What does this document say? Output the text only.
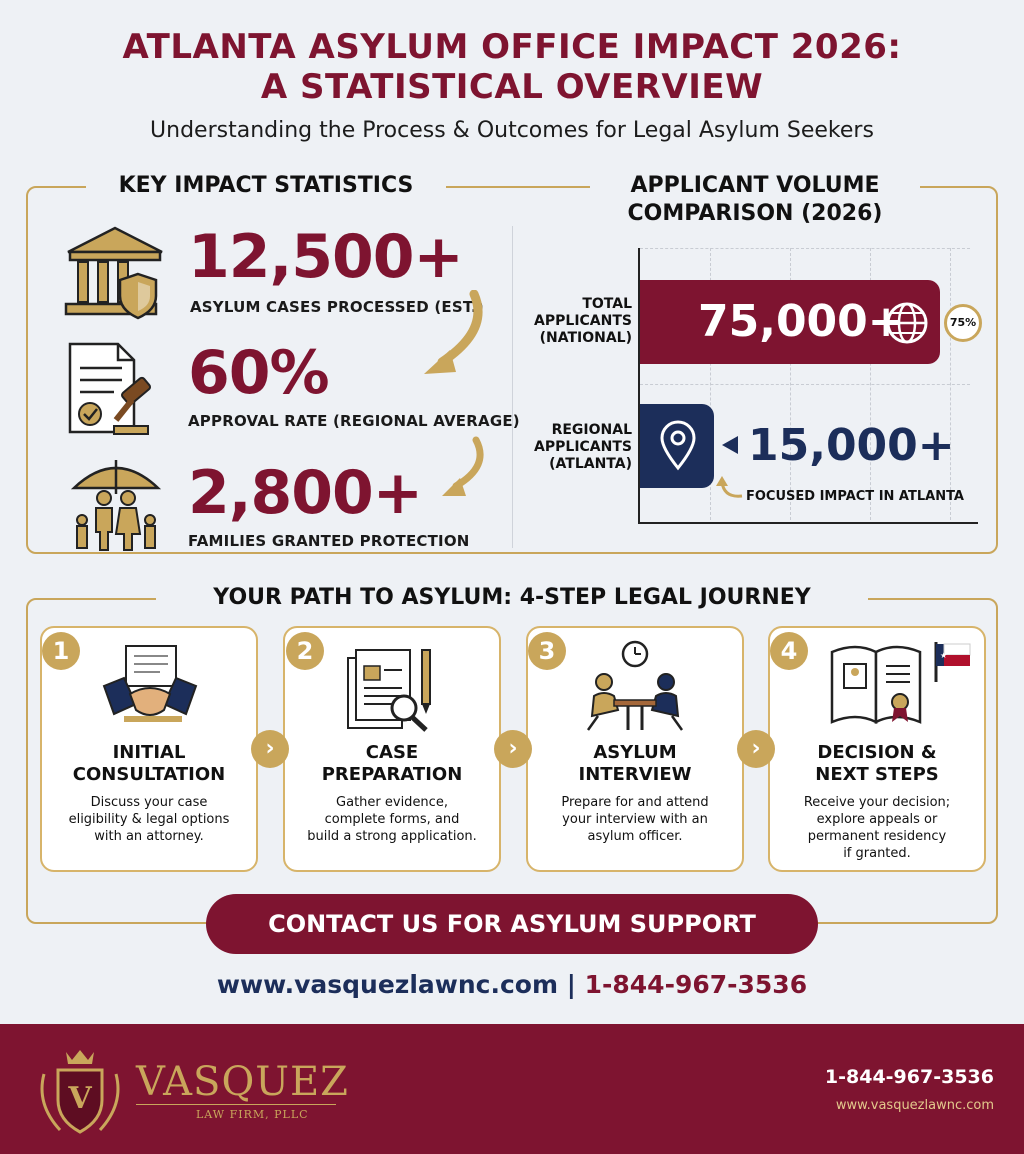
ATLANTA ASYLUM OFFICE IMPACT 2026:
A STATISTICAL OVERVIEW
Understanding the Process & Outcomes for Legal Asylum Seekers
KEY IMPACT STATISTICS
12,500+
ASYLUM CASES PROCESSED (EST.)
60%
APPROVAL RATE (REGIONAL AVERAGE)
2,800+
FAMILIES GRANTED PROTECTION
APPLICANT VOLUME
COMPARISON (2026)
TOTAL
APPLICANTS
(NATIONAL)
REGIONAL
APPLICANTS
(ATLANTA)
75,000+	75%
15,000+
FOCUSED IMPACT IN ATLANTA
YOUR PATH TO ASYLUM: 4-STEP LEGAL JOURNEY
1	2	3	4	★
INITIAL
CONSULTATION
CASE
PREPARATION
ASYLUM
INTERVIEW
DECISION &
NEXT STEPS
Discuss your case
eligibility & legal options
with an attorney.
Gather evidence,
complete forms, and
build a strong application.
Prepare for and attend
your interview with an
asylum officer.
Receive your decision;
explore appeals or
permanent residency
if granted.
›	›	›
CONTACT US FOR ASYLUM SUPPORT
www.vasquezlawnc.com | 1-844-967-3536
V VASQUEZ
LAW FIRM, PLLC
1-844-967-3536
www.vasquezlawnc.com
